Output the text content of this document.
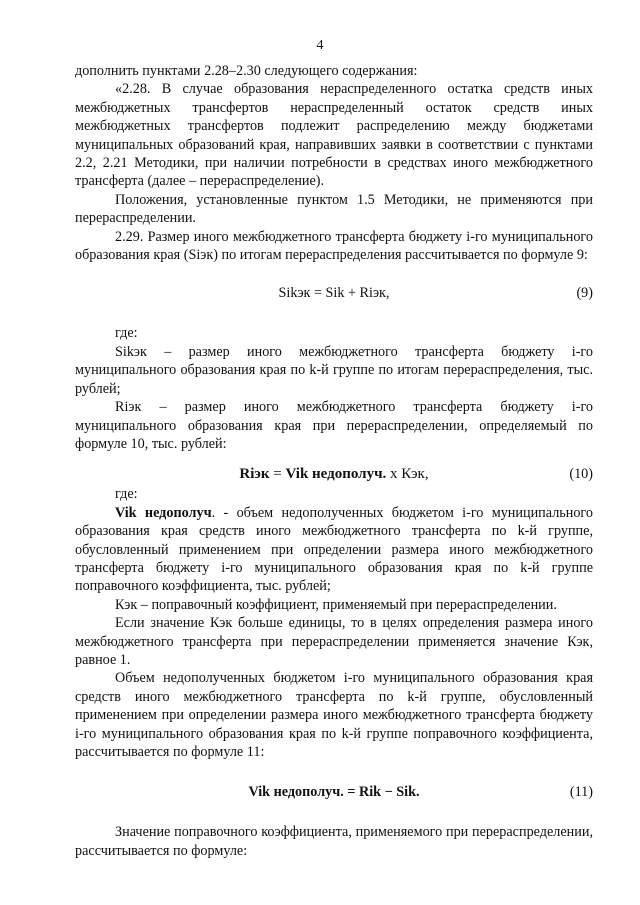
4

дополнить пунктами 2.28–2.30 следующего содержания:

«2.28. В случае образования нераспределенного остатка средств иных межбюджетных трансфертов нераспределенный остаток средств иных межбюджетных трансфертов подлежит распределению между бюджетами муниципальных образований края, направивших заявки в соответствии с пунктами 2.2, 2.21 Методики, при наличии потребности в средствах иного межбюджетного трансферта (далее – перераспределение).

Положения, установленные пунктом 1.5 Методики, не применяются при перераспределении.

2.29. Размер иного межбюджетного трансферта бюджету i-го муниципального образования края (Siэк) по итогам перераспределения рассчитывается по формуле 9:

Sikэк = Sik + Riэк,	(9)

где:

Sikэк – размер иного межбюджетного трансферта бюджету i-го муниципального образования края по k-й группе по итогам перераспределения, тыс. рублей;

Riэк – размер иного межбюджетного трансферта бюджету i-го муниципального образования края при перераспределении, определяемый по формуле 10, тыс. рублей:

Riэк = Vik недополуч. x Кэк,	(10)

где:

Vik недополуч. - объем недополученных бюджетом i-го муниципального образования края средств иного межбюджетного трансферта по k-й группе, обусловленный применением при определении размера иного межбюджетного трансферта бюджету i-го муниципального образования края по k-й группе поправочного коэффициента, тыс. рублей;

Кэк – поправочный коэффициент, применяемый при перераспределении.

Если значение Кэк больше единицы, то в целях определения размера иного межбюджетного трансферта при перераспределении применяется значение Кэк, равное 1.

Объем недополученных бюджетом i-го муниципального образования края средств иного межбюджетного трансферта по k-й группе, обусловленный применением при определении размера иного межбюджетного трансферта бюджету i-го муниципального образования края по k-й группе поправочного коэффициента, рассчитывается по формуле 11:

Vik недополуч. = Rik − Sik.	(11)

Значение поправочного коэффициента, применяемого при перераспределении, рассчитывается по формуле:
